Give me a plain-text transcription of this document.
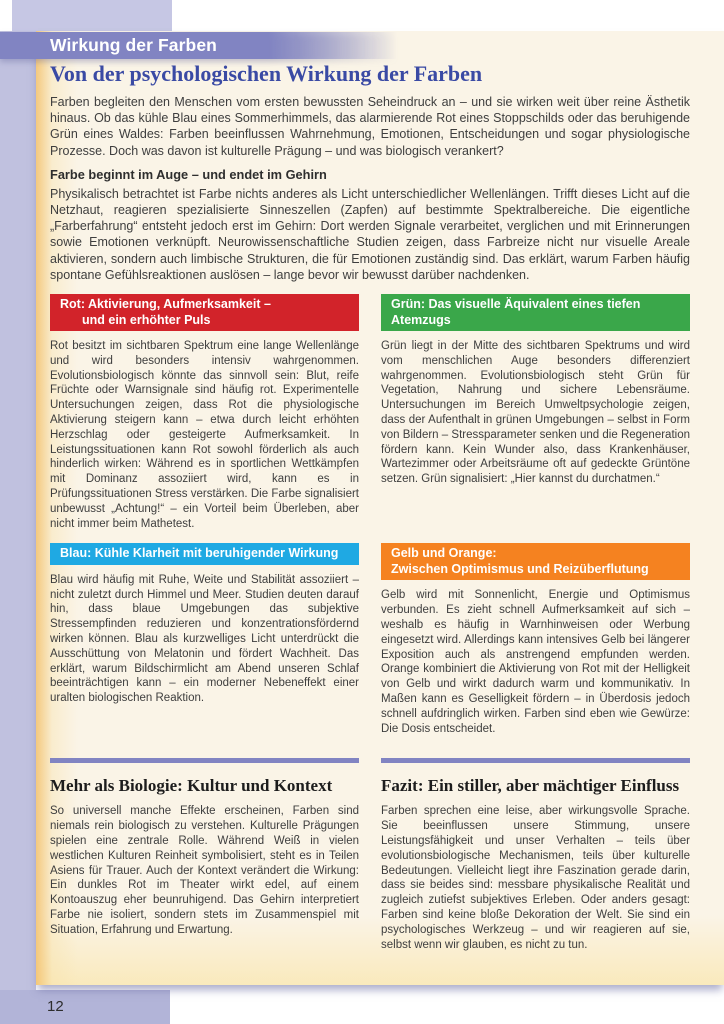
Wirkung der Farben
Von der psychologischen Wirkung der Farben

Farben begleiten den Menschen vom ersten bewussten Seheindruck an – und sie wirken weit über reine Ästhetik hinaus. Ob das kühle Blau eines Sommerhimmels, das alarmierende Rot eines Stoppschilds oder das beruhigende Grün eines Waldes: Farben beeinflussen Wahrnehmung, Emotionen, Entscheidungen und sogar physiologische Prozesse. Doch was davon ist kulturelle Prägung – und was biologisch verankert?

Farbe beginnt im Auge – und endet im Gehirn

Physikalisch betrachtet ist Farbe nichts anderes als Licht unterschiedlicher Wellenlängen. Trifft dieses Licht auf die Netzhaut, reagieren spezialisierte Sinneszellen (Zapfen) auf bestimmte Spektralbereiche. Die eigentliche „Farberfahrung“ entsteht jedoch erst im Gehirn: Dort werden Signale verarbeitet, verglichen und mit Erinnerungen sowie Emotionen verknüpft. Neurowissenschaftliche Studien zeigen, dass Farbreize nicht nur visuelle Areale aktivieren, sondern auch limbische Strukturen, die für Emotionen zuständig sind. Das erklärt, warum Farben häufig spontane Gefühlsreaktionen auslösen – lange bevor wir bewusst darüber nachdenken.

Rot: Aktivierung, Aufmerksamkeit –
und ein erhöhter Puls

Rot besitzt im sichtbaren Spektrum eine lange Wellenlänge und wird besonders intensiv wahrgenommen. Evolutionsbiologisch könnte das sinnvoll sein: Blut, reife Früchte oder Warnsignale sind häufig rot. Experimentelle Untersuchungen zeigen, dass Rot die physiologische Aktivierung steigern kann – etwa durch leicht erhöhten Herzschlag oder gesteigerte Aufmerksamkeit. In Leistungssituationen kann Rot sowohl förderlich als auch hinderlich wirken: Während es in sportlichen Wettkämpfen mit Dominanz assoziiert wird, kann es in Prüfungssituationen Stress verstärken. Die Farbe signalisiert unbewusst „Achtung!“ – ein Vorteil beim Überleben, aber nicht immer beim Mathetest.

Grün: Das visuelle Äquivalent eines tiefen Atemzugs

Grün liegt in der Mitte des sichtbaren Spektrums und wird vom menschlichen Auge besonders differenziert wahrgenommen. Evolutionsbiologisch steht Grün für Vegetation, Nahrung und sichere Lebensräume. Untersuchungen im Bereich Umweltpsychologie zeigen, dass der Aufenthalt in grünen Umgebungen – selbst in Form von Bildern – Stressparameter senken und die Regeneration fördern kann. Kein Wunder also, dass Krankenhäuser, Wartezimmer oder Arbeitsräume oft auf gedeckte Grüntöne setzen. Grün signalisiert: „Hier kannst du durchatmen.“

Blau: Kühle Klarheit mit beruhigender Wirkung

Blau wird häufig mit Ruhe, Weite und Stabilität assoziiert – nicht zuletzt durch Himmel und Meer. Studien deuten darauf hin, dass blaue Umgebungen das subjektive Stressempfinden reduzieren und konzentrationsfördernd wirken können. Blau als kurzwelliges Licht unterdrückt die Ausschüttung von Melatonin und fördert Wachheit. Das erklärt, warum Bildschirmlicht am Abend unseren Schlaf beeinträchtigen kann – ein moderner Nebeneffekt einer uralten biologischen Reaktion.

Gelb und Orange:
Zwischen Optimismus und Reizüberflutung

Gelb wird mit Sonnenlicht, Energie und Optimismus verbunden. Es zieht schnell Aufmerksamkeit auf sich – weshalb es häufig in Warnhinweisen oder Werbung eingesetzt wird. Allerdings kann intensives Gelb bei längerer Exposition auch als anstrengend empfunden werden. Orange kombiniert die Aktivierung von Rot mit der Helligkeit von Gelb und wirkt dadurch warm und kommunikativ. In Maßen kann es Geselligkeit fördern – in Überdosis jedoch schnell aufdringlich wirken. Farben sind eben wie Gewürze: Die Dosis entscheidet.

Mehr als Biologie: Kultur und Kontext

So universell manche Effekte erscheinen, Farben sind niemals rein biologisch zu verstehen. Kulturelle Prägungen spielen eine zentrale Rolle. Während Weiß in vielen westlichen Kulturen Reinheit symbolisiert, steht es in Teilen Asiens für Trauer. Auch der Kontext verändert die Wirkung: Ein dunkles Rot im Theater wirkt edel, auf einem Kontoauszug eher beunruhigend. Das Gehirn interpretiert Farbe nie isoliert, sondern stets im Zusammenspiel mit Situation, Erfahrung und Erwartung.

Fazit: Ein stiller, aber mächtiger Einfluss

Farben sprechen eine leise, aber wirkungsvolle Sprache. Sie beeinflussen unsere Stimmung, unsere Leistungsfähigkeit und unser Verhalten – teils über evolutionsbiologische Mechanismen, teils über kulturelle Bedeutungen. Vielleicht liegt ihre Faszination gerade darin, dass sie beides sind: messbare physikalische Realität und zugleich zutiefst subjektives Erleben. Oder anders gesagt: Farben sind keine bloße Dekoration der Welt. Sie sind ein psychologisches Werkzeug – und wir reagieren auf sie, selbst wenn wir glauben, es nicht zu tun.

12
